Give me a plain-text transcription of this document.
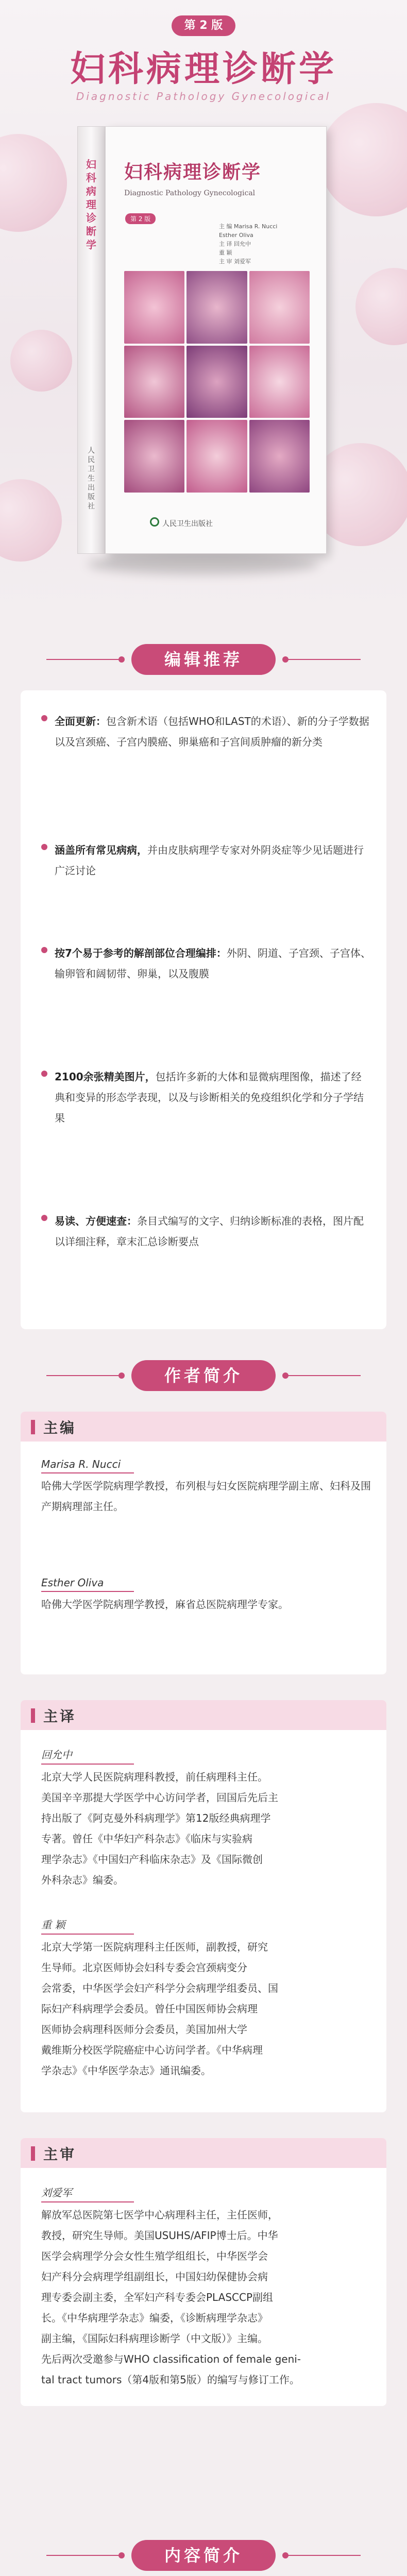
第 2 版
妇科病理诊断学
Diagnostic Pathology Gynecological
妇科病理诊断学
人民卫生出版社
妇科病理诊断学
Diagnostic Pathology Gynecological
第 2 版
主 编 Marisa R. Nucci
Esther Oliva
主 译 回允中
重 颖
主 审 刘爱军
人民卫生出版社
编辑推荐

全面更新：包含新术语（包括WHO和LAST的术语）、新的分子学数据以及宫颈癌、子宫内膜癌、卵巢癌和子宫间质肿瘤的新分类

涵盖所有常见病病，并由皮肤病理学专家对外阴炎症等少见话题进行广泛讨论

按7个易于参考的解剖部位合理编排：外阴、阴道、子宫颈、子宫体、输卵管和阔韧带、卵巢，以及腹膜

2100余张精美图片，包括许多新的大体和显微病理图像，描述了经典和变异的形态学表现，以及与诊断相关的免疫组织化学和分子学结果

易读、方便速查：条目式编写的文字、归纳诊断标准的表格，图片配以详细注释，章末汇总诊断要点

作者简介
主编
Marisa R. Nucci

哈佛大学医学院病理学教授，布列根与妇女医院病理学副主席、妇科及围产期病理部主任。

Esther Oliva

哈佛大学医学院病理学教授，麻省总医院病理学专家。

主译
回允中

北京大学人民医院病理科教授，前任病理科主任。

美国辛辛那提大学医学中心访问学者，回国后先后主

持出版了《阿克曼外科病理学》第12版经典病理学

专著。曾任《中华妇产科杂志》《临床与实验病

理学杂志》《中国妇产科临床杂志》及《国际微创

外科杂志》编委。

重 颖

北京大学第一医院病理科主任医师，副教授，研究

生导师。北京医师协会妇科专委会宫颈病变分

会常委，中华医学会妇产科学分会病理学组委员、国

际妇产科病理学会委员。曾任中国医师协会病理

医师协会病理科医师分会委员，美国加州大学

戴维斯分校医学院癌症中心访问学者。《中华病理

学杂志》《中华医学杂志》通讯编委。

主审
刘爱军

解放军总医院第七医学中心病理科主任，主任医师，

教授，研究生导师。美国USUHS/AFIP博士后。中华

医学会病理学分会女性生殖学组组长，中华医学会

妇产科分会病理学组副组长，中国妇幼保健协会病

理专委会副主委，全军妇产科专委会PLASCCP副组

长。《中华病理学杂志》编委，《诊断病理学杂志》

副主编，《国际妇科病理诊断学（中文版）》主编。

先后两次受邀参与WHO classification of female geni-

tal tract tumors（第4版和第5版）的编写与修订工作。

内容简介
